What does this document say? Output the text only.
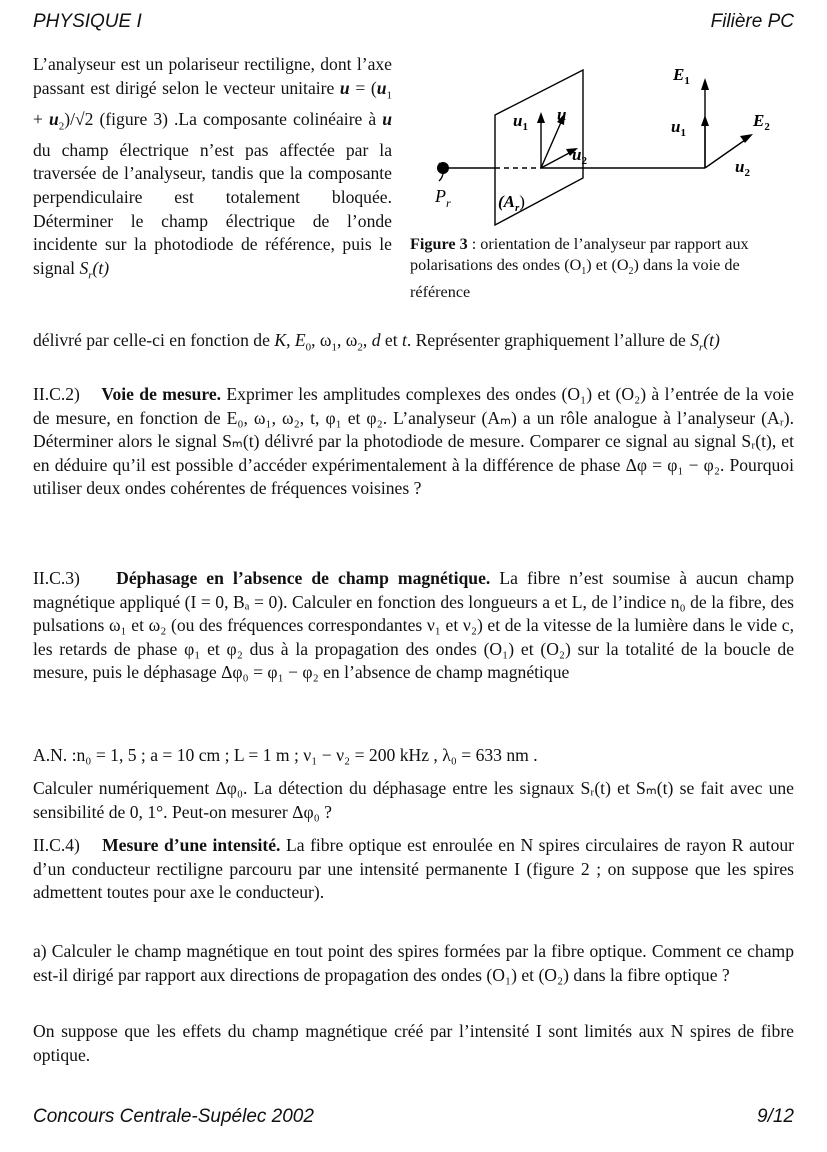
PHYSIQUE I	Filière PC
L’analyseur est un polariseur rectiligne, dont l’axe passant est dirigé selon le vecteur unitaire $u = (u_1 + u_2)/√2$ (figure 3) .La composante colinéaire à u du champ électrique n’est pas affectée par la traversée de l’analyseur, tandis que la composante perpendiculaire est totalement bloquée. Déterminer le champ électrique de l’onde incidente sur la photodiode de référence, puis le signal $S_r(t)$
$E_1$
$E_2$
$u_1$
$u_2$
$u_1$
u
$u_2$
$P_r$	$(A_r)$
Figure 3 : orientation de l’analyseur par rapport aux polarisations des ondes $(O_1)$ et $(O_2)$ dans la voie de référence
délivré par celle-ci en fonction de K, $E_0$, $\omega_1$, $\omega_2$, d et t. Représenter graphiquement l’allure de $S_r(t)$
II.C.2) Voie de mesure. Exprimer les amplitudes complexes des ondes (O₁) et (O₂) à l’entrée de la voie de mesure, en fonction de E₀, ω₁, ω₂, t, φ₁ et φ₂. L’analyseur (Aₘ) a un rôle analogue à l’analyseur (Aᵣ). Déterminer alors le signal Sₘ(t) délivré par la photodiode de mesure. Comparer ce signal au signal Sᵣ(t), et en déduire qu’il est possible d’accéder expérimentalement à la différence de phase Δφ = φ₁ − φ₂. Pourquoi utiliser deux ondes cohérentes de fréquences voisines ?
II.C.3) Déphasage en l’absence de champ magnétique. La fibre n’est soumise à aucun champ magnétique appliqué (I = 0, Bₐ = 0). Calculer en fonction des longueurs a et L, de l’indice n₀ de la fibre, des pulsations ω₁ et ω₂ (ou des fréquences correspondantes ν₁ et ν₂) et de la vitesse de la lumière dans le vide c, les retards de phase φ₁ et φ₂ dus à la propagation des ondes (O₁) et (O₂) sur la totalité de la boucle de mesure, puis le déphasage Δφ₀ = φ₁ − φ₂ en l’absence de champ magnétique
A.N. :n₀ = 1, 5 ; a = 10 cm ; L = 1 m ; ν₁ − ν₂ = 200 kHz , λ₀ = 633 nm .
Calculer numériquement Δφ₀. La détection du déphasage entre les signaux Sᵣ(t) et Sₘ(t) se fait avec une sensibilité de 0, 1°. Peut-on mesurer Δφ₀ ?
II.C.4) Mesure d’une intensité. La fibre optique est enroulée en N spires circulaires de rayon R autour d’un conducteur rectiligne parcouru par une intensité permanente I (figure 2 ; on suppose que les spires admettent toutes pour axe le conducteur).
a) Calculer le champ magnétique en tout point des spires formées par la fibre optique. Comment ce champ est-il dirigé par rapport aux directions de propagation des ondes (O₁) et (O₂) dans la fibre optique ?
On suppose que les effets du champ magnétique créé par l’intensité I sont limités aux N spires de fibre optique.
Concours Centrale-Supélec 2002	9/12
